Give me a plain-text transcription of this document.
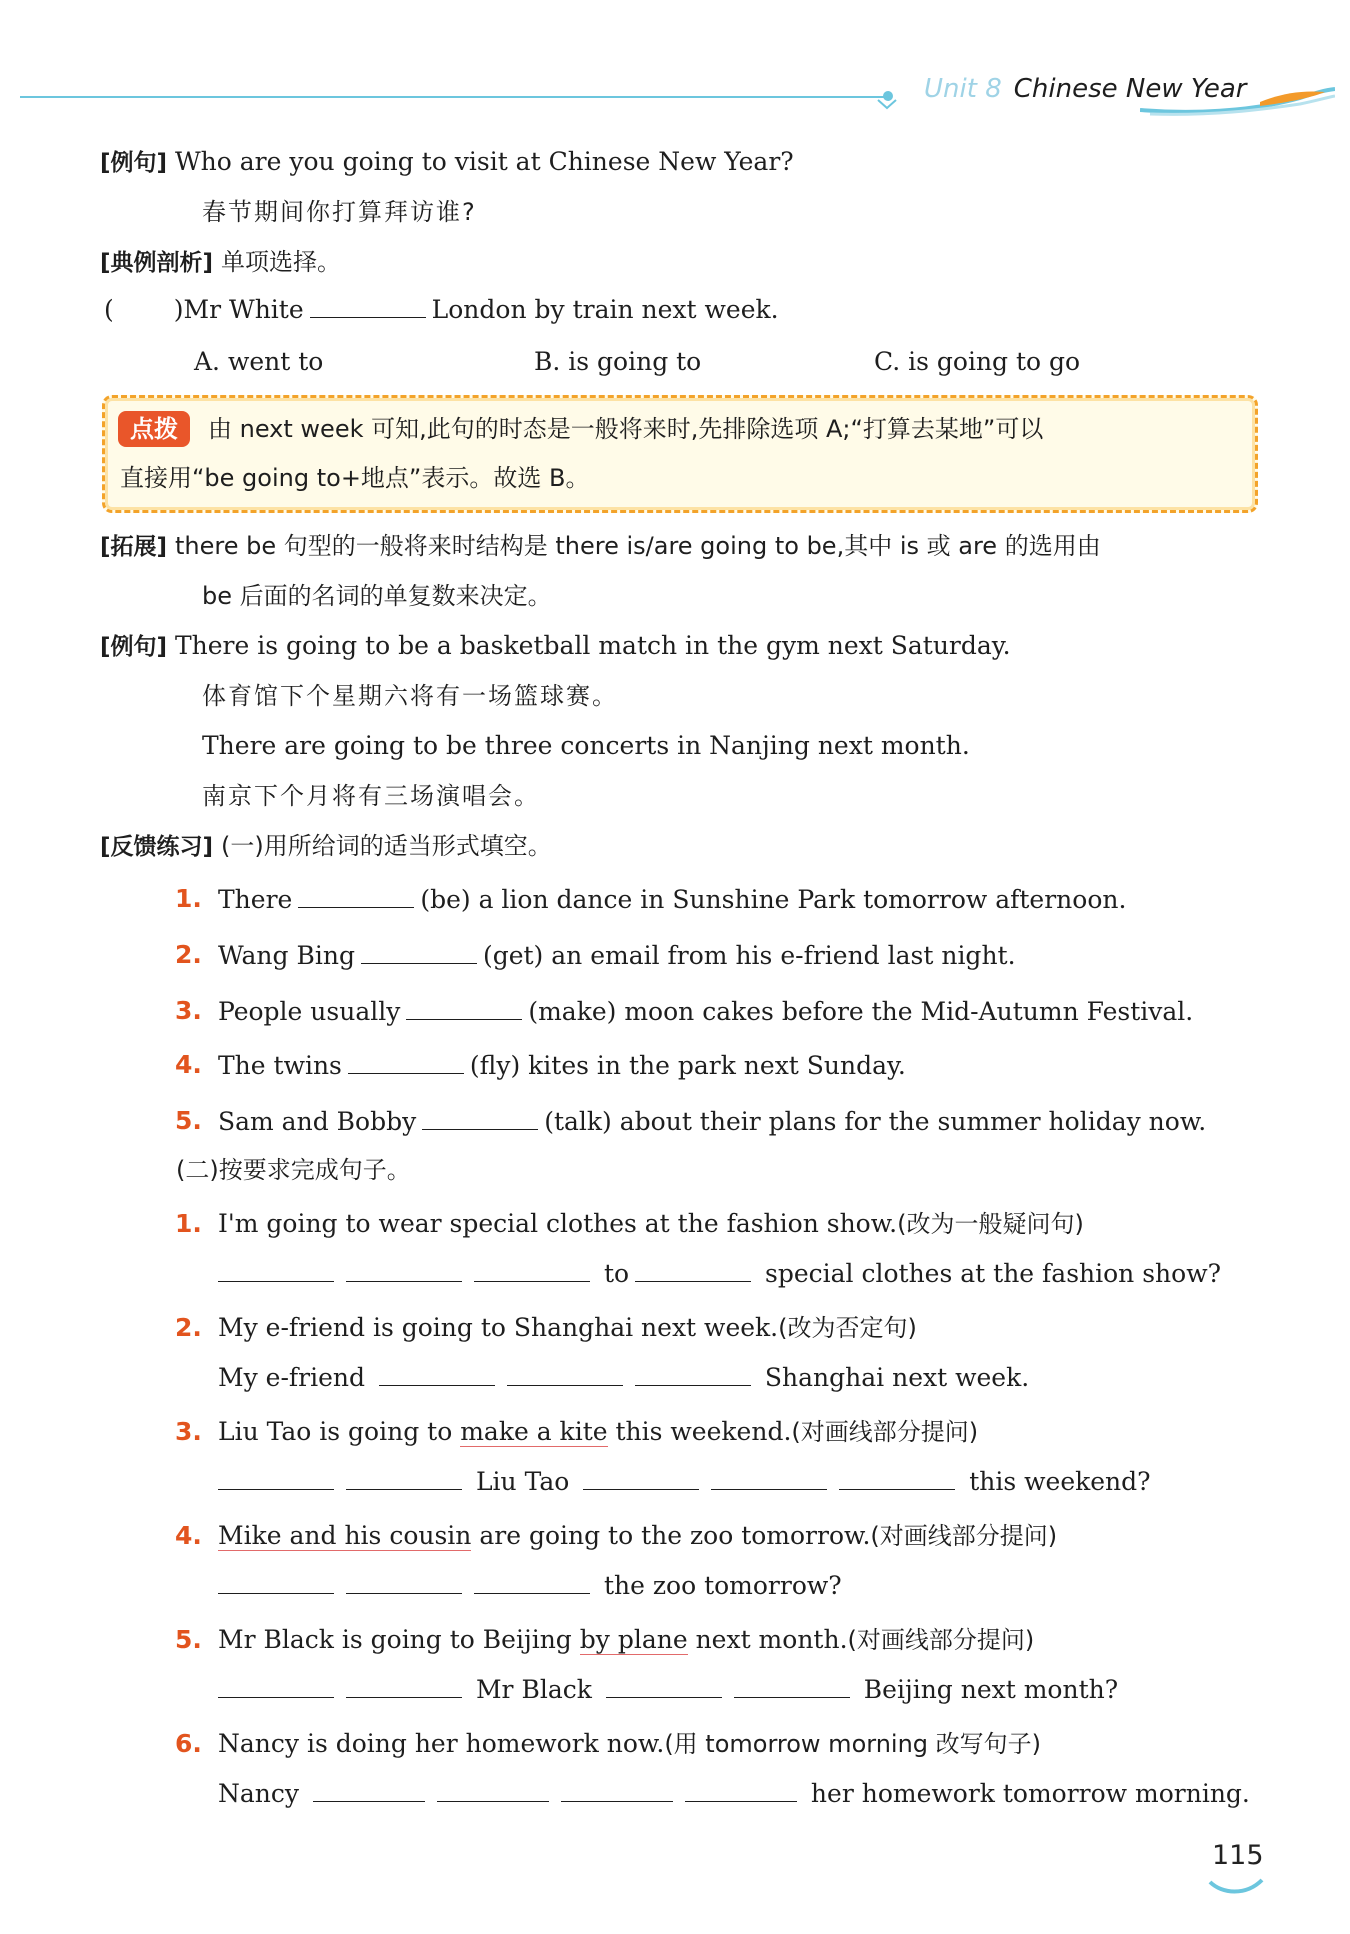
Unit 8 Chinese New Year
[例句] Who are you going to visit at Chinese New Year?
春节期间你打算拜访谁?
[典例剖析] 单项选择。
( )Mr White	London by train next week.
A. went to	B. is going to	C. is going to go
点拨	由 next week 可知,此句的时态是一般将来时,先排除选项 A;“打算去某地”可以
直接用“be going to+地点”表示。故选 B。
[拓展] there be 句型的一般将来时结构是 there is/are going to be,其中 is 或 are 的选用由
be 后面的名词的单复数来决定。
[例句] There is going to be a basketball match in the gym next Saturday.
体育馆下个星期六将有一场篮球赛。
There are going to be three concerts in Nanjing next month.
南京下个月将有三场演唱会。
[反馈练习] (一)用所给词的适当形式填空。
1. There	(be) a lion dance in Sunshine Park tomorrow afternoon.
2. Wang Bing	(get) an email from his e-friend last night.
3. People usually	(make) moon cakes before the Mid-Autumn Festival.
4. The twins	(fly) kites in the park next Sunday.
5. Sam and Bobby	(talk) about their plans for the summer holiday now.
(二)按要求完成句子。
1. I'm going to wear special clothes at the fashion show.(改为一般疑问句)
to	special clothes at the fashion show?
2. My e-friend is going to Shanghai next week.(改为否定句)
My e-friend	Shanghai next week.
3. Liu Tao is going to make a kite this weekend.(对画线部分提问)
Liu Tao	this weekend?
4. Mike and his cousin are going to the zoo tomorrow.(对画线部分提问)
the zoo tomorrow?
5. Mr Black is going to Beijing by plane next month.(对画线部分提问)
Mr Black	Beijing next month?
6. Nancy is doing her homework now.(用 tomorrow morning 改写句子)
Nancy	her homework tomorrow morning.
115
